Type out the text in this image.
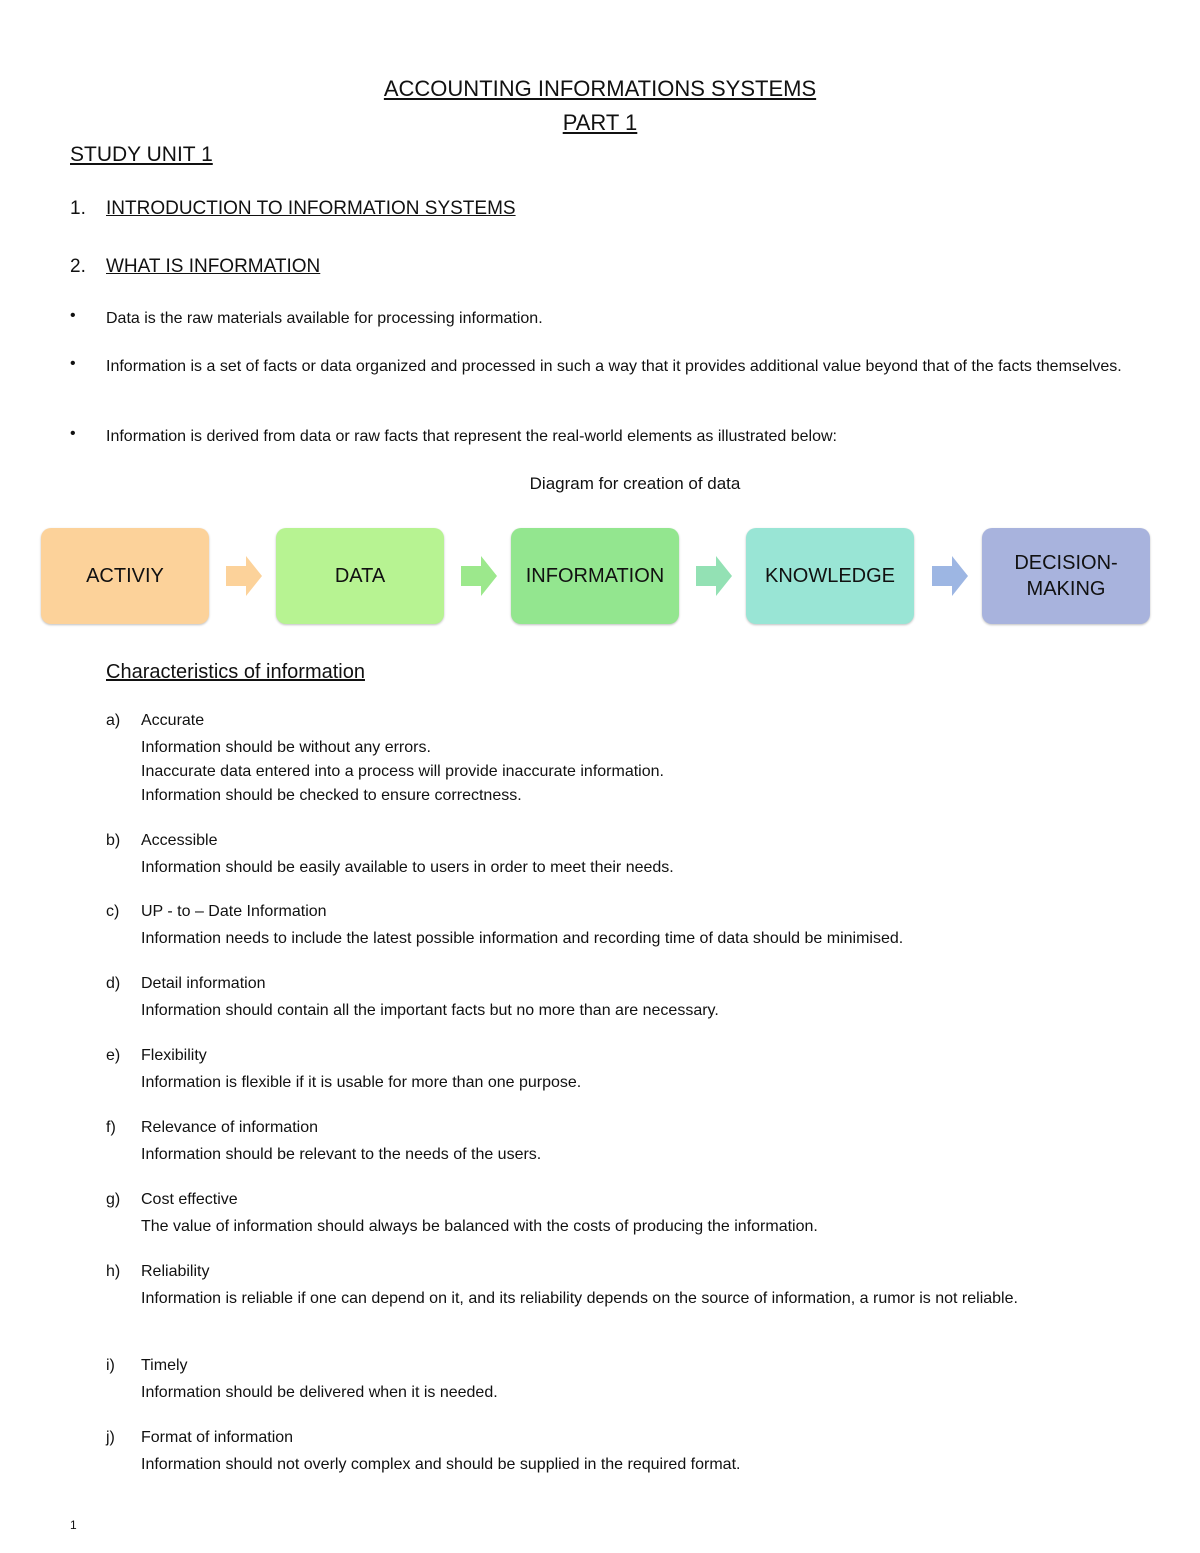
ACCOUNTING INFORMATIONS SYSTEMS
PART 1
STUDY UNIT 1
1. INTRODUCTION TO INFORMATION SYSTEMS
2. WHAT IS INFORMATION
• Data is the raw materials available for processing information.
• Information is a set of facts or data organized and processed in such a way that it provides additional value beyond that of the facts themselves.
• Information is derived from data or raw facts that represent the real-world elements as illustrated below:
Diagram for creation of data
ACTIVIY	DATA	INFORMATION	KNOWLEDGE
DECISION-MAKING
Characteristics of information
a) Accurate
Information should be without any errors.
Inaccurate data entered into a process will provide inaccurate information.
Information should be checked to ensure correctness.
b) Accessible
Information should be easily available to users in order to meet their needs.
c) UP - to – Date Information
Information needs to include the latest possible information and recording time of data should be minimised.
d) Detail information
Information should contain all the important facts but no more than are necessary.
e) Flexibility
Information is flexible if it is usable for more than one purpose.
f) Relevance of information
Information should be relevant to the needs of the users.
g) Cost effective
The value of information should always be balanced with the costs of producing the information.
h) Reliability
Information is reliable if one can depend on it, and its reliability depends on the source of information, a rumor is not reliable.
i) Timely
Information should be delivered when it is needed.
j) Format of information
Information should not overly complex and should be supplied in the required format.
1
